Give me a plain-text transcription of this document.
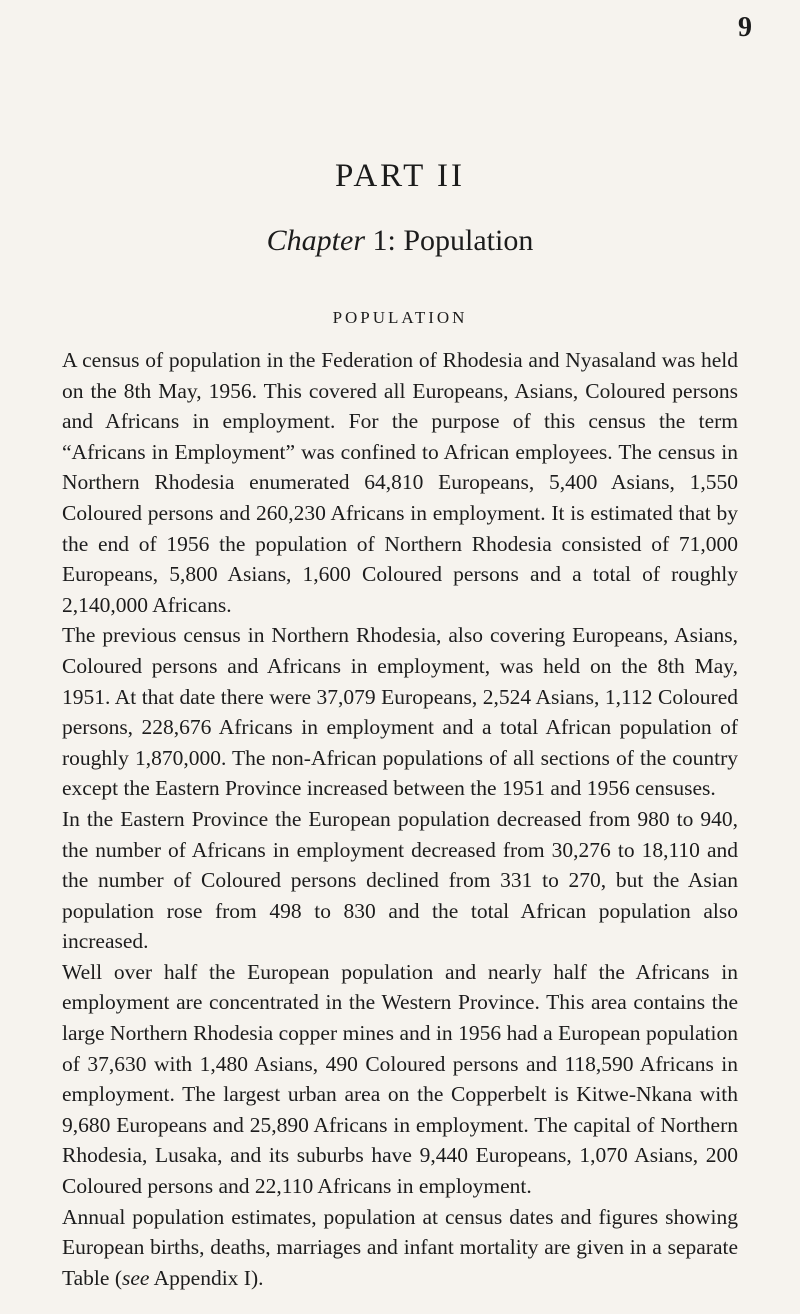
9
PART II
Chapter 1: Population
POPULATION

A census of population in the Federation of Rhodesia and Nyasaland was held on the 8th May, 1956. This covered all Europeans, Asians, Coloured persons and Africans in employment. For the purpose of this census the term “Africans in Employment” was confined to African employees. The census in Northern Rhodesia enumerated 64,810 Europeans, 5,400 Asians, 1,550 Coloured persons and 260,230 Africans in employment. It is estimated that by the end of 1956 the population of Northern Rhodesia consisted of 71,000 Europeans, 5,800 Asians, 1,600 Coloured persons and a total of roughly 2,140,000 Africans.

The previous census in Northern Rhodesia, also covering Europeans, Asians, Coloured persons and Africans in employment, was held on the 8th May, 1951. At that date there were 37,079 Europeans, 2,524 Asians, 1,112 Coloured persons, 228,676 Africans in employment and a total African population of roughly 1,870,000. The non-African populations of all sections of the country except the Eastern Province increased between the 1951 and 1956 censuses.

In the Eastern Province the European population decreased from 980 to 940, the number of Africans in employment decreased from 30,276 to 18,110 and the number of Coloured persons declined from 331 to 270, but the Asian population rose from 498 to 830 and the total African population also increased.

Well over half the European population and nearly half the Africans in employment are concentrated in the Western Province. This area contains the large Northern Rhodesia copper mines and in 1956 had a European population of 37,630 with 1,480 Asians, 490 Coloured persons and 118,590 Africans in employment. The largest urban area on the Copperbelt is Kitwe-Nkana with 9,680 Europeans and 25,890 Africans in employment. The capital of Northern Rhodesia, Lusaka, and its suburbs have 9,440 Europeans, 1,070 Asians, 200 Coloured persons and 22,110 Africans in employment.

Annual population estimates, population at census dates and figures showing European births, deaths, marriages and infant mortality are given in a separate Table (see Appendix I).
